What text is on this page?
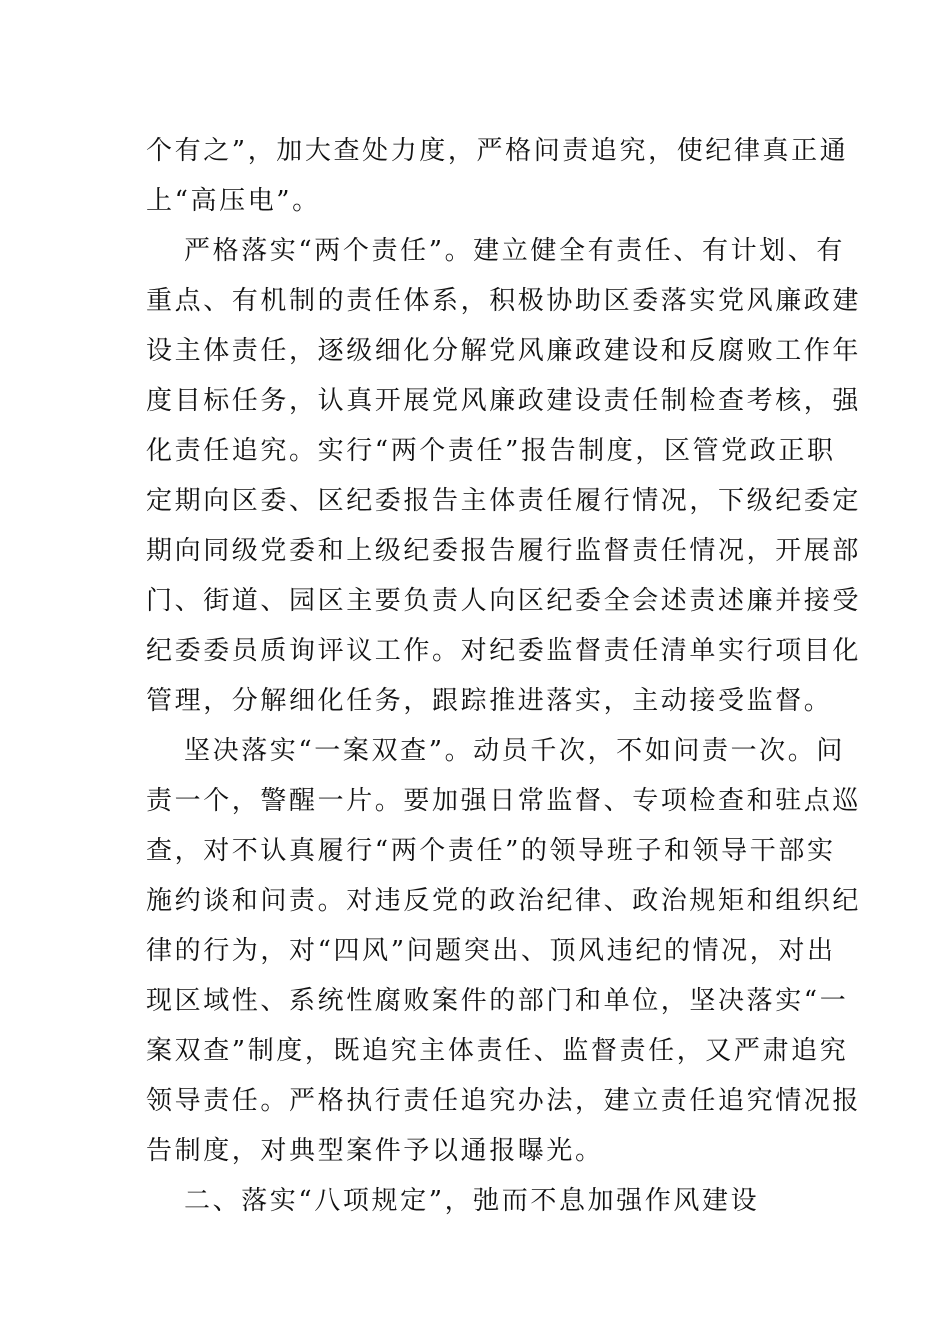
个有之”，加大查处力度，严格问责追究，使纪律真正通
上“高压电”。
严格落实“两个责任”。建立健全有责任、有计划、有
重点、有机制的责任体系，积极协助区委落实党风廉政建
设主体责任，逐级细化分解党风廉政建设和反腐败工作年
度目标任务，认真开展党风廉政建设责任制检查考核，强
化责任追究。实行“两个责任”报告制度，区管党政正职
定期向区委、区纪委报告主体责任履行情况，下级纪委定
期向同级党委和上级纪委报告履行监督责任情况，开展部
门、街道、园区主要负责人向区纪委全会述责述廉并接受
纪委委员质询评议工作。对纪委监督责任清单实行项目化
管理，分解细化任务，跟踪推进落实，主动接受监督。
坚决落实“一案双查”。动员千次，不如问责一次。问
责一个，警醒一片。要加强日常监督、专项检查和驻点巡
查，对不认真履行“两个责任”的领导班子和领导干部实
施约谈和问责。对违反党的政治纪律、政治规矩和组织纪
律的行为，对“四风”问题突出、顶风违纪的情况，对出
现区域性、系统性腐败案件的部门和单位，坚决落实“一
案双查”制度，既追究主体责任、监督责任，又严肃追究
领导责任。严格执行责任追究办法，建立责任追究情况报
告制度，对典型案件予以通报曝光。
二、落实“八项规定”，弛而不息加强作风建设
